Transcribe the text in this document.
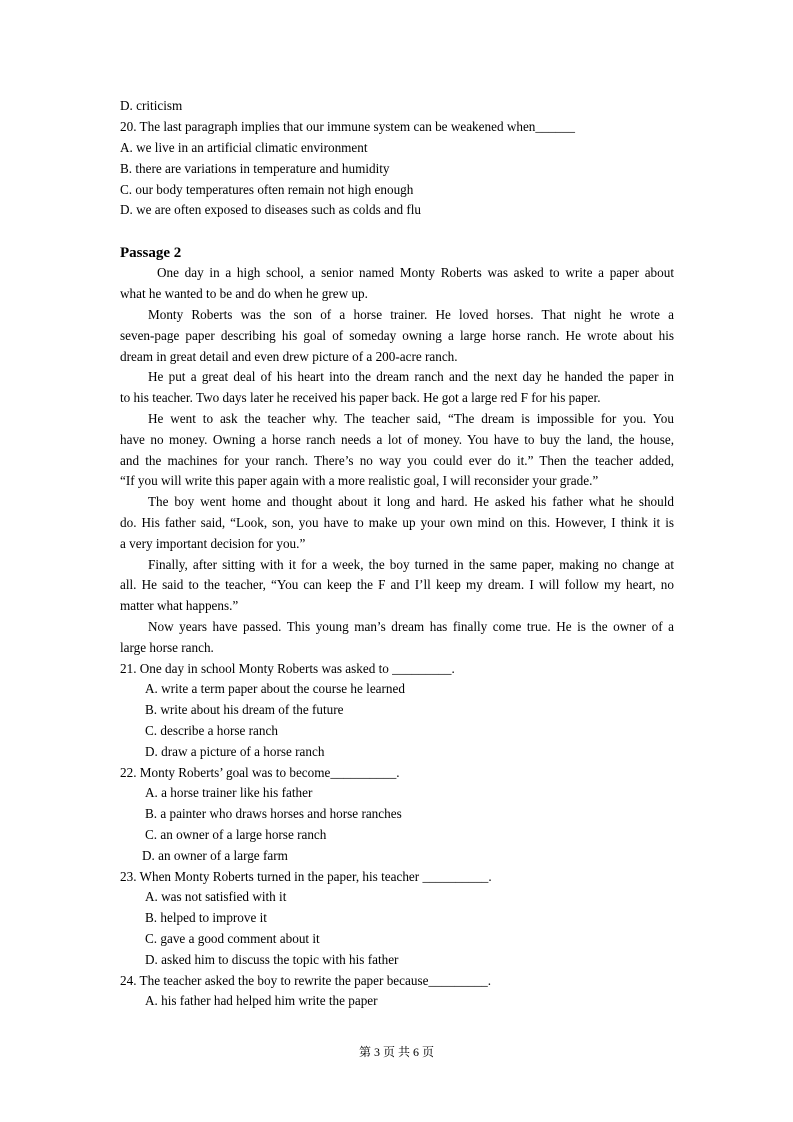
D. criticism
20. The last paragraph implies that our immune system can be weakened when______
A. we live in an artificial climatic environment
B. there are variations in temperature and humidity
C. our body temperatures often remain not high enough
D. we are often exposed to diseases such as colds and flu
Passage 2
One day in a high school, a senior named Monty Roberts was asked to write a paper about
what he wanted to be and do when he grew up.
Monty Roberts was the son of a horse trainer. He loved horses. That night he wrote a
seven-page paper describing his goal of someday owning a large horse ranch. He wrote about his
dream in great detail and even drew picture of a 200-acre ranch.
He put a great deal of his heart into the dream ranch and the next day he handed the paper in
to his teacher. Two days later he received his paper back. He got a large red F for his paper.
He went to ask the teacher why. The teacher said, “The dream is impossible for you. You
have no money. Owning a horse ranch needs a lot of money. You have to buy the land, the house,
and the machines for your ranch. There’s no way you could ever do it.” Then the teacher added,
“If you will write this paper again with a more realistic goal, I will reconsider your grade.”
The boy went home and thought about it long and hard. He asked his father what he should
do. His father said, “Look, son, you have to make up your own mind on this. However, I think it is
a very important decision for you.”
Finally, after sitting with it for a week, the boy turned in the same paper, making no change at
all. He said to the teacher, “You can keep the F and I’ll keep my dream. I will follow my heart, no
matter what happens.”
Now years have passed. This young man’s dream has finally come true. He is the owner of a
large horse ranch.
21. One day in school Monty Roberts was asked to _________.
A. write a term paper about the course he learned
B. write about his dream of the future
C. describe a horse ranch
D. draw a picture of a horse ranch
22. Monty Roberts’ goal was to become__________.
A. a horse trainer like his father
B. a painter who draws horses and horse ranches
C. an owner of a large horse ranch
D. an owner of a large farm
23. When Monty Roberts turned in the paper, his teacher __________.
A. was not satisfied with it
B. helped to improve it
C. gave a good comment about it
D. asked him to discuss the topic with his father
24. The teacher asked the boy to rewrite the paper because_________.
A. his father had helped him write the paper
第 3 页 共 6 页
